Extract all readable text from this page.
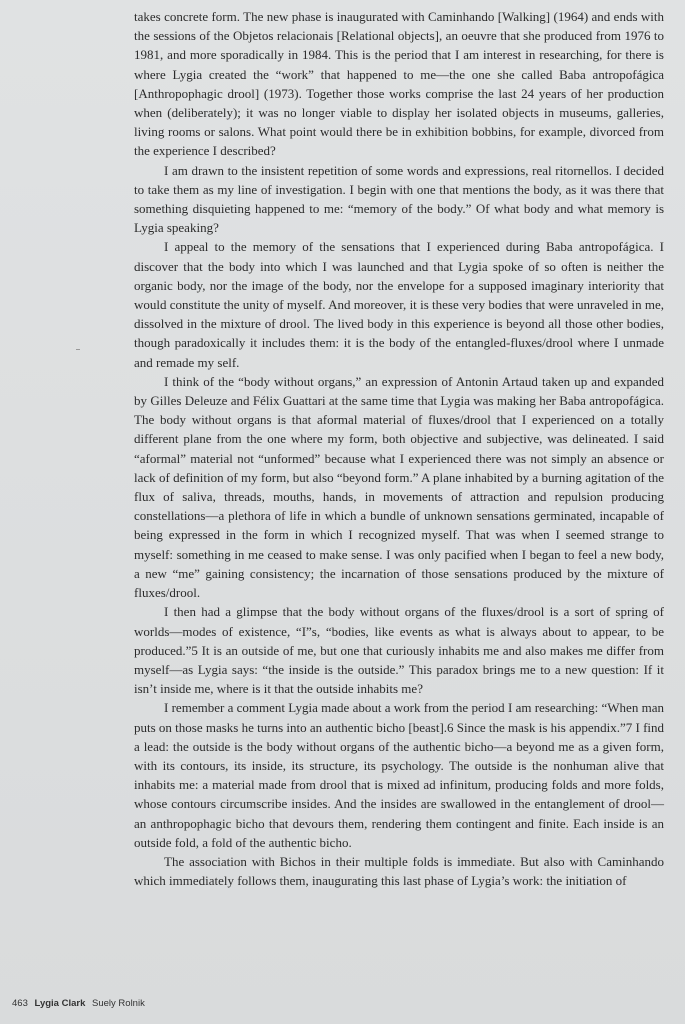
takes concrete form. The new phase is inaugurated with Caminhando [Walking] (1964) and ends with the sessions of the Objetos relacionais [Relational objects], an oeuvre that she produced from 1976 to 1981, and more sporadically in 1984. This is the period that I am interest in researching, for there is where Lygia created the “work” that happened to me—the one she called Baba antropofágica [Anthropophagic drool] (1973). Together those works comprise the last 24 years of her production when (deliberately); it was no longer viable to display her isolated objects in museums, galleries, living rooms or salons. What point would there be in exhibition bobbins, for example, divorced from the experience I described?

I am drawn to the insistent repetition of some words and expressions, real ritornellos. I decided to take them as my line of investigation. I begin with one that mentions the body, as it was there that something disquieting happened to me: “memory of the body.” Of what body and what memory is Lygia speaking?

I appeal to the memory of the sensations that I experienced during Baba antropofágica. I discover that the body into which I was launched and that Lygia spoke of so often is neither the organic body, nor the image of the body, nor the envelope for a supposed imaginary interiority that would constitute the unity of myself. And moreover, it is these very bodies that were unraveled in me, dissolved in the mixture of drool. The lived body in this experience is beyond all those other bodies, though paradoxically it includes them: it is the body of the entangled-fluxes/drool where I unmade and remade my self.

I think of the “body without organs,” an expression of Antonin Artaud taken up and expanded by Gilles Deleuze and Félix Guattari at the same time that Lygia was making her Baba antropofágica. The body without organs is that aformal material of fluxes/drool that I experienced on a totally different plane from the one where my form, both objective and subjective, was delineated. I said “aformal” material not “unformed” because what I experienced there was not simply an absence or lack of definition of my form, but also “beyond form.” A plane inhabited by a burning agitation of the flux of saliva, threads, mouths, hands, in movements of attraction and repulsion producing constellations—a plethora of life in which a bundle of unknown sensations germinated, incapable of being expressed in the form in which I recognized myself. That was when I seemed strange to myself: something in me ceased to make sense. I was only pacified when I began to feel a new body, a new “me” gaining consistency; the incarnation of those sensations produced by the mixture of fluxes/drool.

I then had a glimpse that the body without organs of the fluxes/drool is a sort of spring of worlds—modes of existence, “I”s, “bodies, like events as what is always about to appear, to be produced.”5 It is an outside of me, but one that curiously inhabits me and also makes me differ from myself—as Lygia says: “the inside is the outside.” This paradox brings me to a new question: If it isn’t inside me, where is it that the outside inhabits me?

I remember a comment Lygia made about a work from the period I am researching: “When man puts on those masks he turns into an authentic bicho [beast].6 Since the mask is his appendix.”7 I find a lead: the outside is the body without organs of the authentic bicho—a beyond me as a given form, with its contours, its inside, its structure, its psychology. The outside is the nonhuman alive that inhabits me: a material made from drool that is mixed ad infinitum, producing folds and more folds, whose contours circumscribe insides. And the insides are swallowed in the entanglement of drool—an anthropophagic bicho that devours them, rendering them contingent and finite. Each inside is an outside fold, a fold of the authentic bicho.

The association with Bichos in their multiple folds is immediate. But also with Caminhando which immediately follows them, inaugurating this last phase of Lygia’s work: the initiation of

463 Lygia Clark Suely Rolnik
